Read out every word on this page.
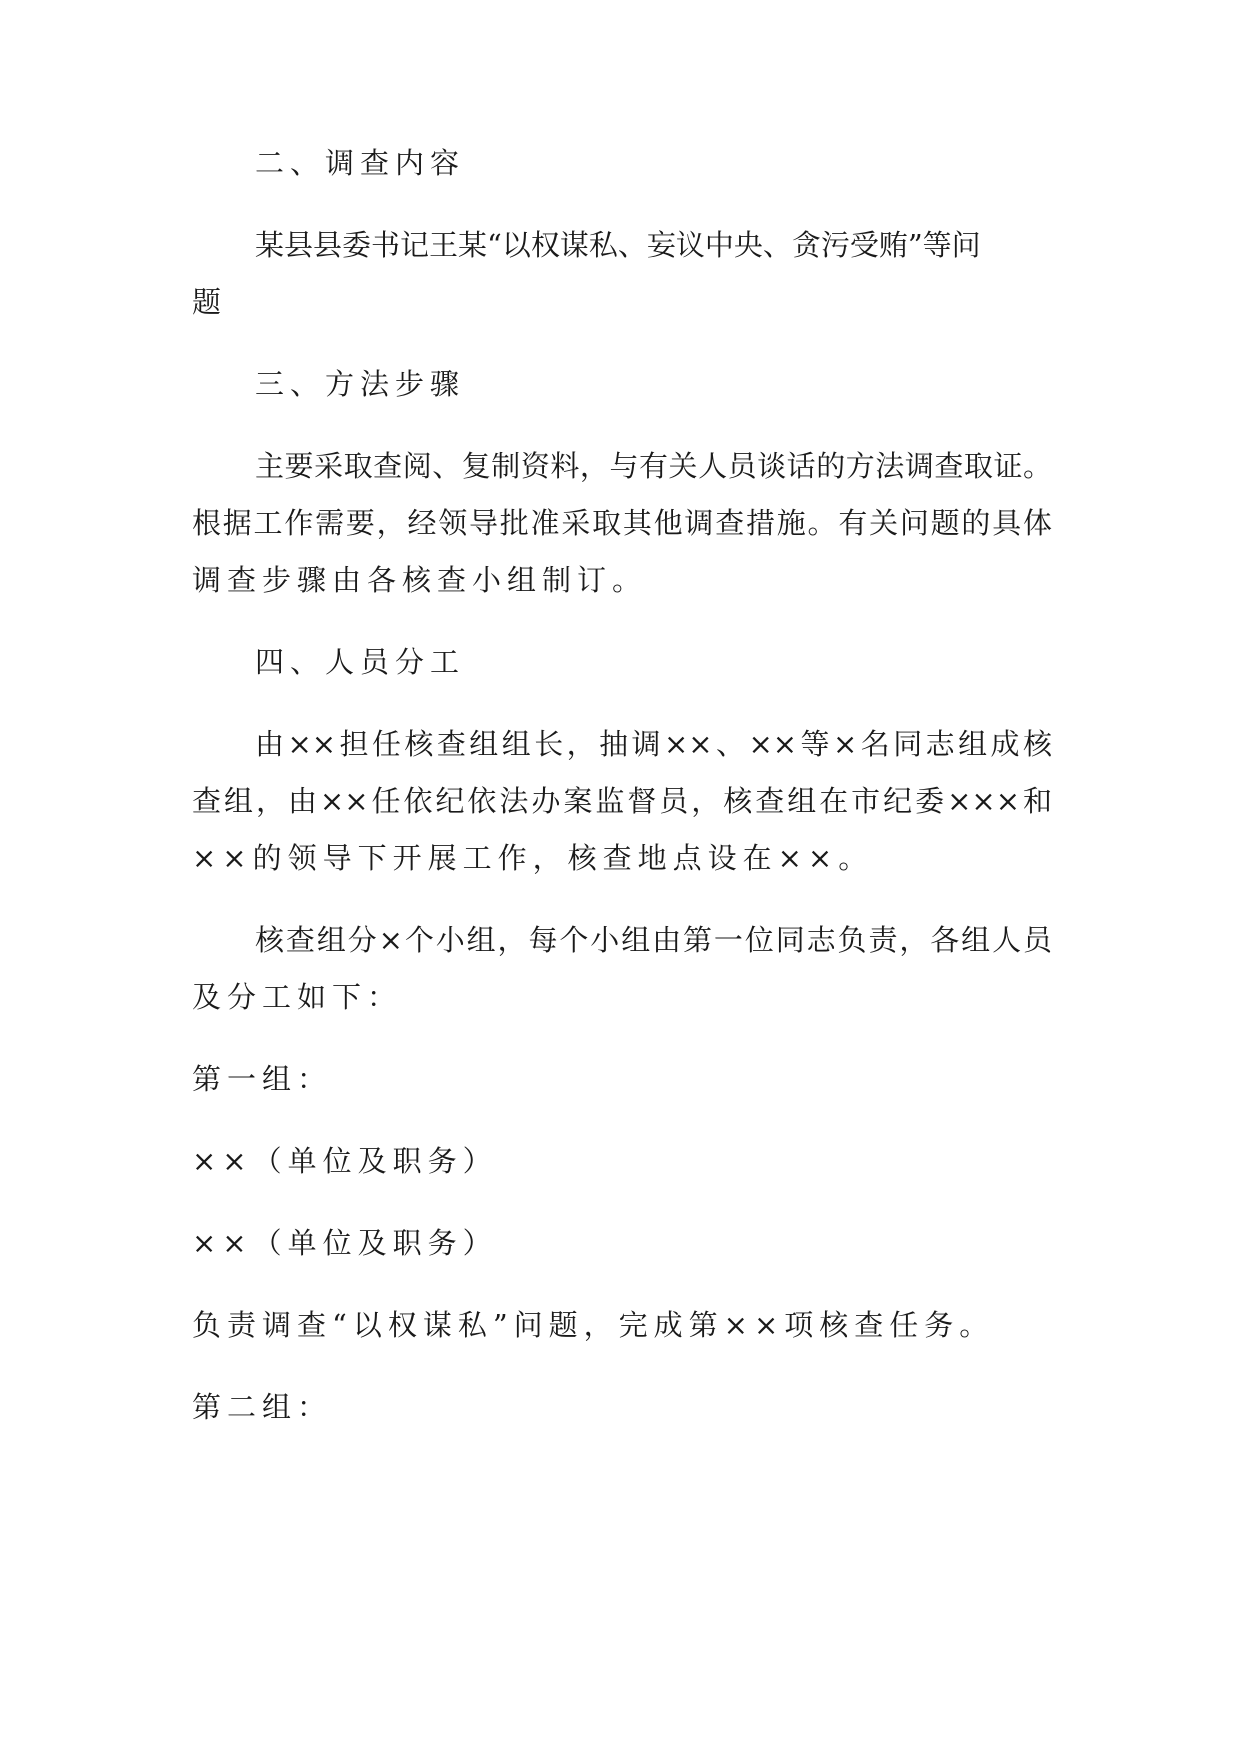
二、调查内容
某县县委书记王某“以权谋私、妄议中央、贪污受贿”等问
题
三、方法步骤
主要采取查阅、复制资料，与有关人员谈话的方法调查取证。
根据工作需要，经领导批准采取其他调查措施。有关问题的具体
调查步骤由各核查小组制订。
四、人员分工
由××担任核查组组长，抽调××、××等×名同志组成核
查组，由××任依纪依法办案监督员，核查组在市纪委×××和
××的领导下开展工作，核查地点设在××。
核查组分×个小组，每个小组由第一位同志负责，各组人员
及分工如下：
第一组：
××（单位及职务）
××（单位及职务）
负责调查“以权谋私”问题，完成第××项核查任务。
第二组：
